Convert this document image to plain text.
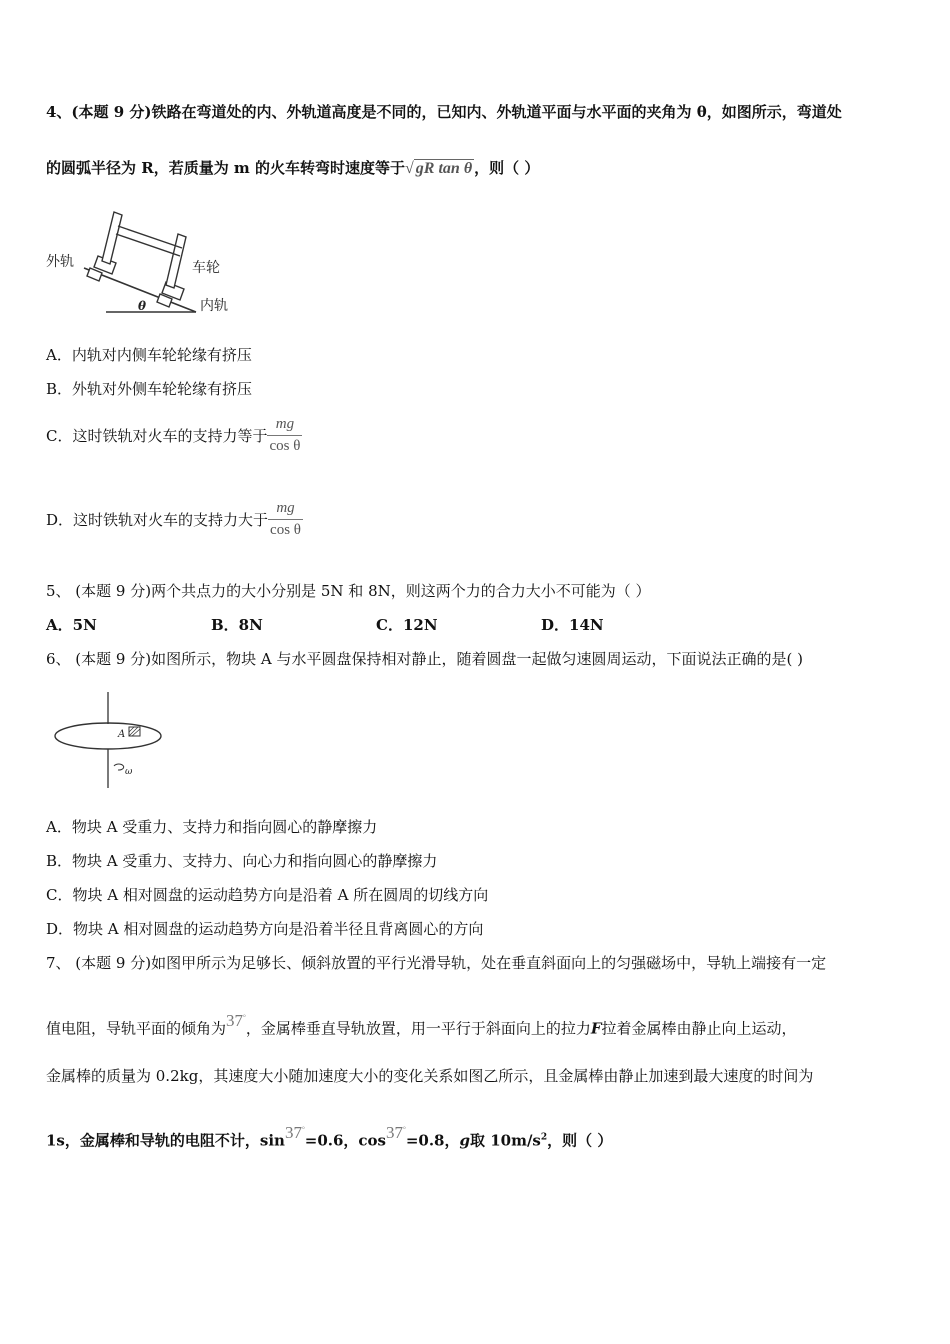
4、(本题 9 分)铁路在弯道处的内、外轨道高度是不同的，已知内、外轨道平面与水平面的夹角为 θ，如图所示，弯道处
的圆弧半径为 R，若质量为 m 的火车转弯时速度等于√ gR tan θ ，则（ ）
外轨	车轮
内轨
θ
A．内轨对内侧车轮轮缘有挤压
B．外轨对外侧车轮轮缘有挤压
C．这时铁轨对火车的支持力等于 $\frac{mg}{\text{cos θ}}$
D．这时铁轨对火车的支持力大于 $\frac{mg}{\text{cos θ}}$
5、 (本题 9 分)两个共点力的大小分别是 5N 和 8N，则这两个力的合力大小不可能为（ ）
A．5N	B．8N	C．12N	D．14N
6、 (本题 9 分)如图所示，物块 A 与水平圆盘保持相对静止，随着圆盘一起做匀速圆周运动，下面说法正确的是( )
A
ω
A．物块 A 受重力、支持力和指向圆心的静摩擦力
B．物块 A 受重力、支持力、向心力和指向圆心的静摩擦力
C．物块 A 相对圆盘的运动趋势方向是沿着 A 所在圆周的切线方向
D．物块 A 相对圆盘的运动趋势方向是沿着半径且背离圆心的方向
7、 (本题 9 分)如图甲所示为足够长、倾斜放置的平行光滑导轨，处在垂直斜面向上的匀强磁场中，导轨上端接有一定
值电阻，导轨平面的倾角为37°，金属棒垂直导轨放置，用一平行于斜面向上的拉力F拉着金属棒由静止向上运动，
金属棒的质量为 0.2kg，其速度大小随加速度大小的变化关系如图乙所示，且金属棒由静止加速到最大速度的时间为
1s，金属棒和导轨的电阻不计，sin37°=0.6，cos37°=0.8，g取 $10m/s^2$，则（ ）
